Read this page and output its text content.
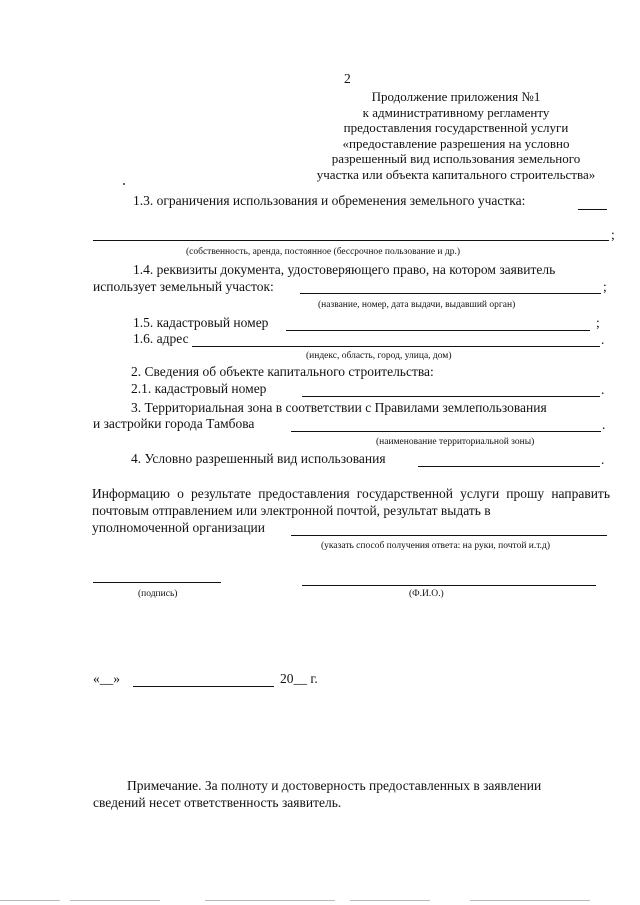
2
Продолжение приложения №1
к административному регламенту
предоставления государственной услуги
«предоставление разрешения на условно
разрешенный вид использования земельного
участка или объекта капитального строительства»
1.3. ограничения использования и обременения земельного участка:
;
(собственность, аренда, постоянное (бессрочное пользование и др.)
1.4. реквизиты документа, удостоверяющего право, на котором заявитель
использует земельный участок:	;
(название, номер, дата выдачи, выдавший орган)
1.5. кадастровый номер	;
1.6. адрес	.
(индекс, область, город, улица, дом)
2. Сведения об объекте капитального строительства:
2.1. кадастровый номер	.
3. Территориальная зона в соответствии с Правилами землепользования
и застройки города Тамбова	.
(наименование территориальной зоны)
4. Условно разрешенный вид использования	.
Информацию о результате предоставления государственной услуги прошу направить почтовым отправлением или электронной почтой, результат выдать в
уполномоченной организации
(указать способ получения ответа: на руки, почтой и.т.д)
(подпись)	(Ф.И.О.)
«__»	20__ г.
Примечание. За полноту и достоверность предоставленных в заявлении
сведений несет ответственность заявитель.
